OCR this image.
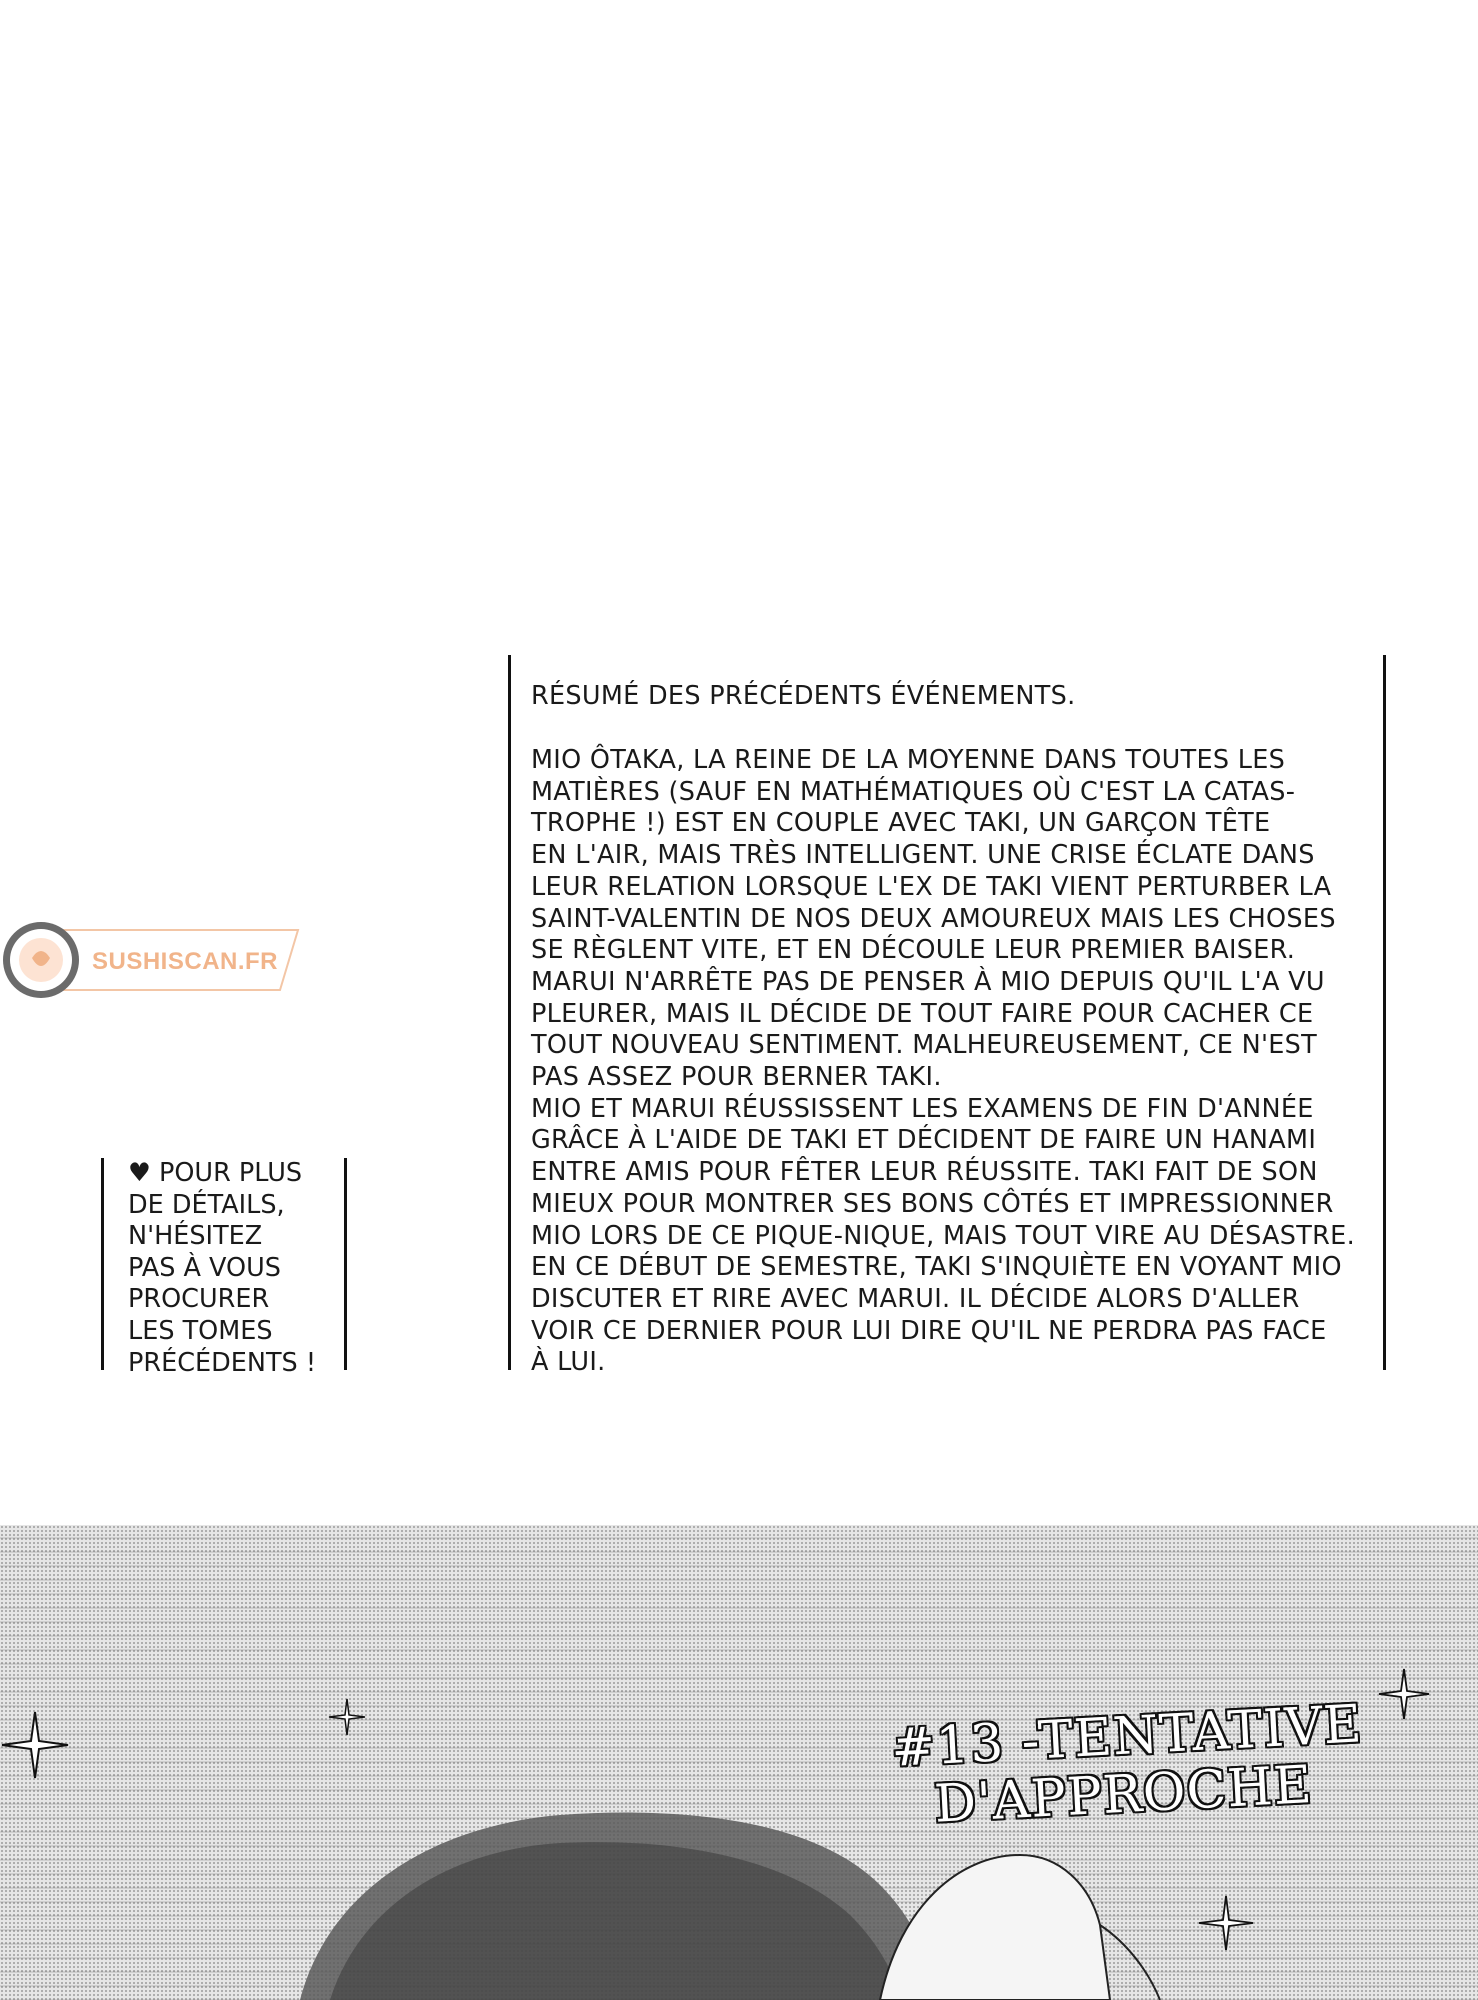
SUSHISCAN.FR
RÉSUMÉ DES PRÉCÉDENTS ÉVÉNEMENTS.
MIO ÔTAKA, LA REINE DE LA MOYENNE DANS TOUTES LES
MATIÈRES (SAUF EN MATHÉMATIQUES OÙ C'EST LA CATAS-
TROPHE !) EST EN COUPLE AVEC TAKI, UN GARÇON TÊTE
EN L'AIR, MAIS TRÈS INTELLIGENT. UNE CRISE ÉCLATE DANS
LEUR RELATION LORSQUE L'EX DE TAKI VIENT PERTURBER LA
SAINT-VALENTIN DE NOS DEUX AMOUREUX MAIS LES CHOSES
SE RÈGLENT VITE, ET EN DÉCOULE LEUR PREMIER BAISER.
MARUI N'ARRÊTE PAS DE PENSER À MIO DEPUIS QU'IL L'A VU
PLEURER, MAIS IL DÉCIDE DE TOUT FAIRE POUR CACHER CE
TOUT NOUVEAU SENTIMENT. MALHEUREUSEMENT, CE N'EST
PAS ASSEZ POUR BERNER TAKI.
MIO ET MARUI RÉUSSISSENT LES EXAMENS DE FIN D'ANNÉE
GRÂCE À L'AIDE DE TAKI ET DÉCIDENT DE FAIRE UN HANAMI
ENTRE AMIS POUR FÊTER LEUR RÉUSSITE. TAKI FAIT DE SON
MIEUX POUR MONTRER SES BONS CÔTÉS ET IMPRESSIONNER
MIO LORS DE CE PIQUE-NIQUE, MAIS TOUT VIRE AU DÉSASTRE.
EN CE DÉBUT DE SEMESTRE, TAKI S'INQUIÈTE EN VOYANT MIO
DISCUTER ET RIRE AVEC MARUI. IL DÉCIDE ALORS D'ALLER
VOIR CE DERNIER POUR LUI DIRE QU'IL NE PERDRA PAS FACE
À LUI.
♥ POUR PLUS
DE DÉTAILS,
N'HÉSITEZ
PAS À VOUS
PROCURER
LES TOMES
PRÉCÉDENTS !
#13 -TENTATIVE
D'APPROCHE
